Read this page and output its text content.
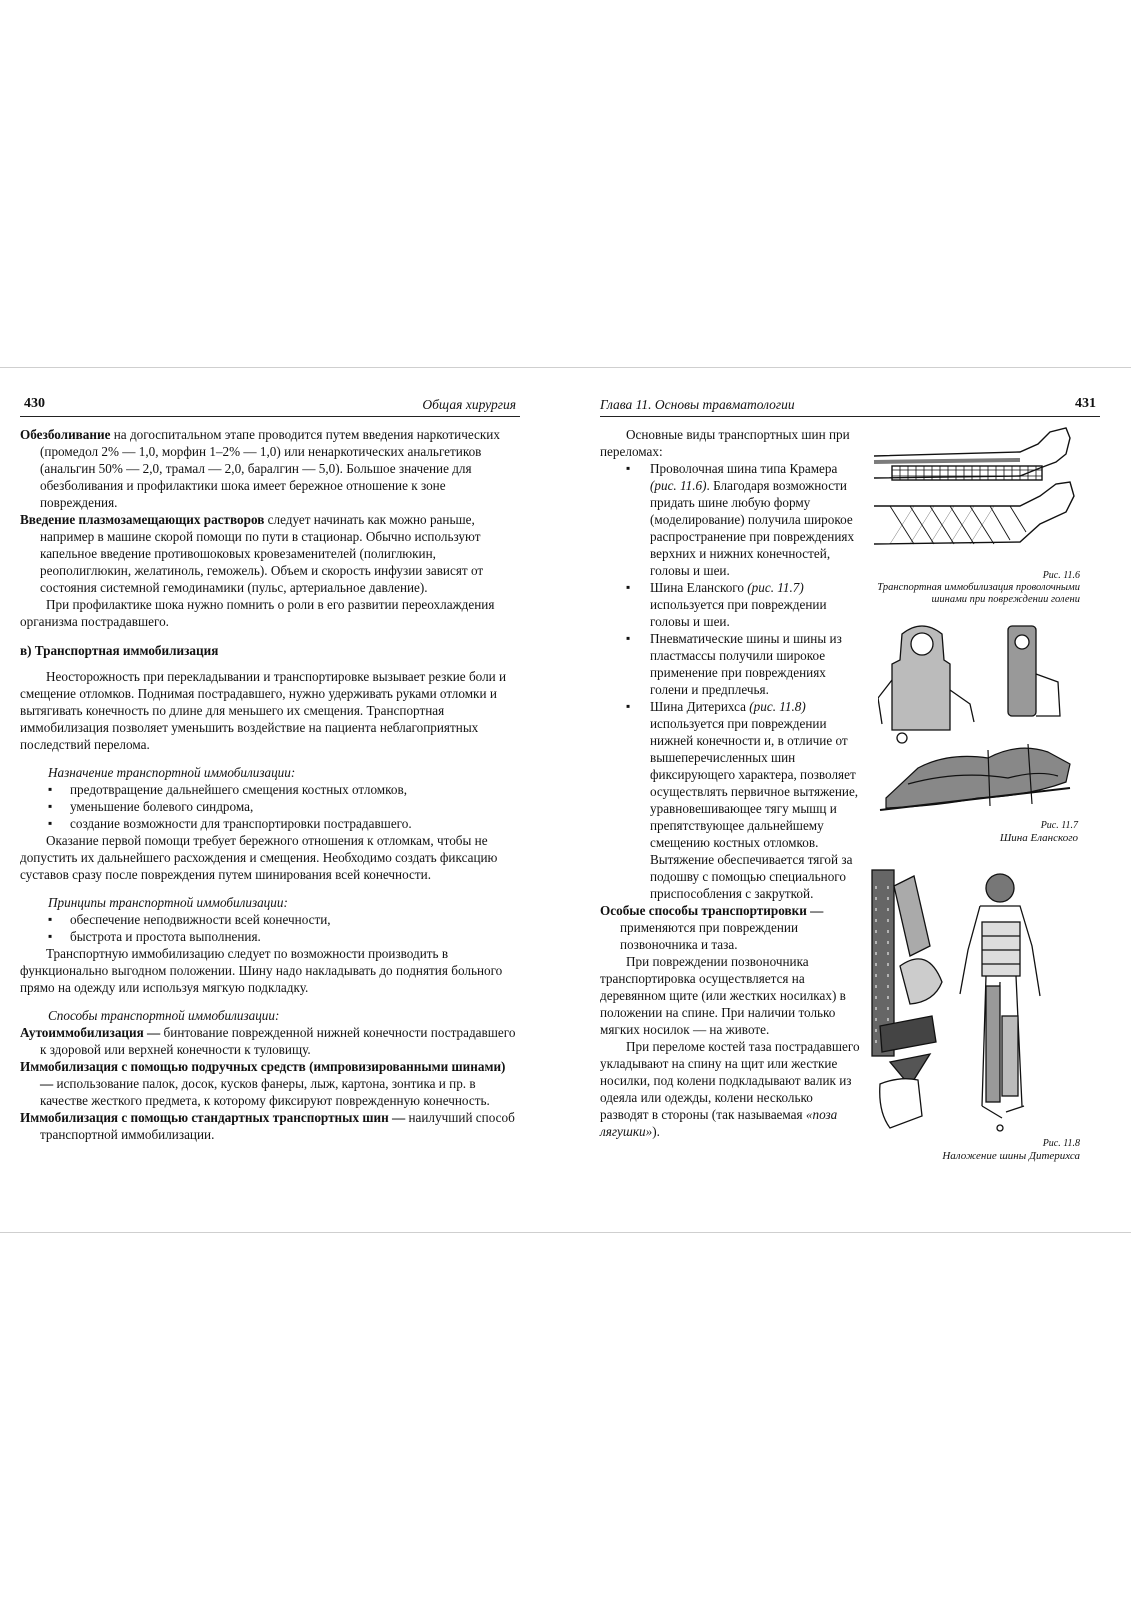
430	Общая хирургия

Обезболивание на догоспитальном этапе проводится путем введения наркотических (промедол 2% — 1,0, морфин 1–2% — 1,0) или ненаркотических анальгетиков (анальгин 50% — 2,0, трамал — 2,0, баралгин — 5,0). Большое значение для обезболивания и профилактики шока имеет бережное отношение к зоне повреждения.

Введение плазмозамещающих растворов следует начинать как можно раньше, например в машине скорой помощи по пути в стационар. Обычно используют капельное введение противошоковых кровезаменителей (полиглюкин, реополиглюкин, желатиноль, геможель). Объем и скорость инфузии зависят от состояния системной гемодинамики (пульс, артериальное давление).

При профилактике шока нужно помнить о роли в его развитии переохлаждения организма пострадавшего.

в) Транспортная иммобилизация

Неосторожность при перекладывании и транспортировке вызывает резкие боли и смещение отломков. Поднимая пострадавшего, нужно удерживать руками отломки и вытягивать конечность по длине для меньшего их смещения. Транспортная иммобилизация позволяет уменьшить воздействие на пациента неблагоприятных последствий перелома.

Назначение транспортной иммобилизации:

▪ предотвращение дальнейшего смещения костных отломков,
▪ уменьшение болевого синдрома,
▪ создание возможности для транспортировки пострадавшего.

Оказание первой помощи требует бережного отношения к отломкам, чтобы не допустить их дальнейшего расхождения и смещения. Необходимо создать фиксацию суставов сразу после повреждения путем шинирования всей конечности.

Принципы транспортной иммобилизации:

▪ обеспечение неподвижности всей конечности,
▪ быстрота и простота выполнения.

Транспортную иммобилизацию следует по возможности производить в функционально выгодном положении. Шину надо накладывать до поднятия больного прямо на одежду или используя мягкую подкладку.

Способы транспортной иммобилизации:

Аутоиммобилизация — бинтование поврежденной нижней конечности пострадавшего к здоровой или верхней конечности к туловищу.

Иммобилизация с помощью подручных средств (импровизированными шинами) — использование палок, досок, кусков фанеры, лыж, картона, зонтика и пр. в качестве жесткого предмета, к которому фиксируют поврежденную конечность.

Иммобилизация с помощью стандартных транспортных шин — наилучший способ транспортной иммобилизации.

Глава 11. Основы травматологии	431

Основные виды транспортных шин при переломах:

▪ Проволочная шина типа Крамера (рис. 11.6). Благодаря возможности придать шине любую форму (моделирование) получила широкое распространение при повреждениях верхних и нижних конечностей, головы и шеи.
▪ Шина Еланского (рис. 11.7) используется при повреждении головы и шеи.
▪ Пневматические шины и шины из пластмассы получили широкое применение при повреждениях голени и предплечья.
▪ Шина Дитерихса (рис. 11.8) используется при повреждении нижней конечности и, в отличие от вышеперечисленных шин фиксирующего характера, позволяет осуществлять первичное вытяжение, уравновешивающее тягу мышц и препятствующее дальнейшему смещению костных отломков. Вытяжение обеспечивается тягой за подошву с помощью специального приспособления с закруткой.

Особые способы транспортировки — применяются при повреждении позвоночника и таза.

При повреждении позвоночника транспортировка осуществляется на деревянном щите (или жестких носилках) в положении на спине. При наличии только мягких носилок — на животе.

При переломе костей таза пострадавшего укладывают на спину на щит или жесткие носилки, под колени подкладывают валик из одеяла или одежды, колени несколько разводят в стороны (так называемая «поза лягушки»).

Рис. 11.6
Транспортная иммобилизация проволочными шинами при повреждении голени
Рис. 11.7
Шина Еланского
Рис. 11.8
Наложение шины Дитерихса
